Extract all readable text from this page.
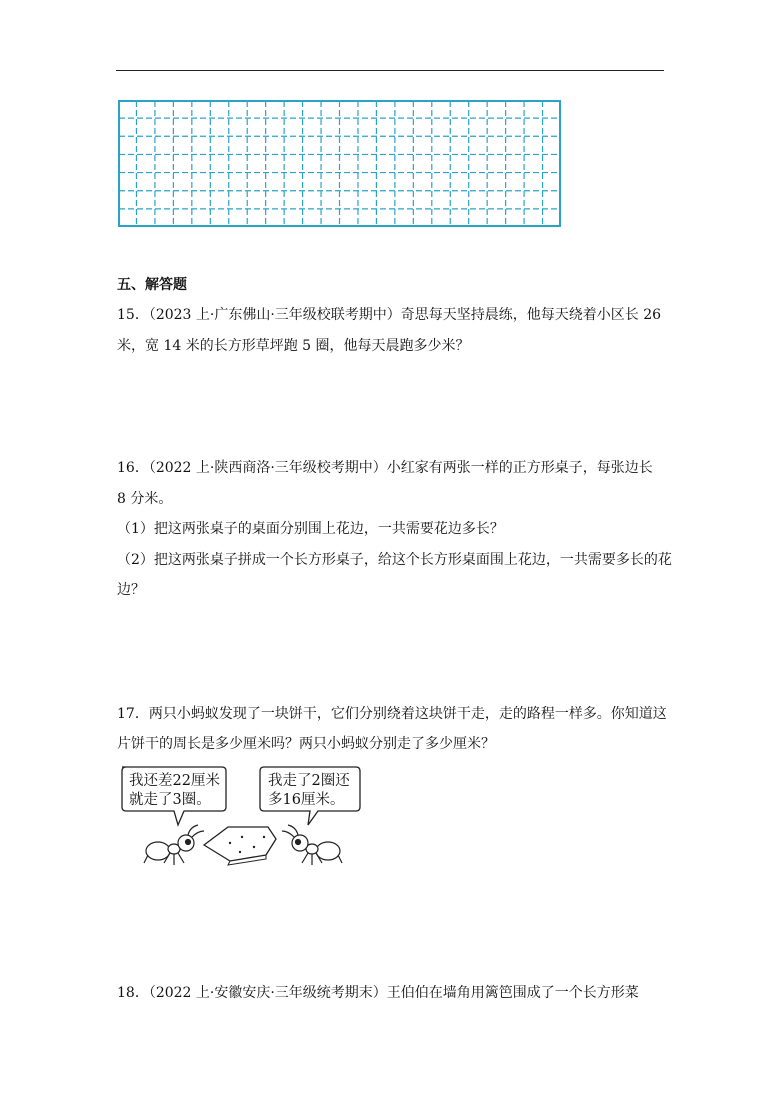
五、解答题
15．（2023 上·广东佛山·三年级校联考期中）奇思每天坚持晨练，他每天绕着小区长 26
米，宽 14 米的长方形草坪跑 5 圈，他每天晨跑多少米？
16．（2022 上·陕西商洛·三年级校考期中）小红家有两张一样的正方形桌子，每张边长
8 分米。
（1）把这两张桌子的桌面分别围上花边，一共需要花边多长？
（2）把这两张桌子拼成一个长方形桌子，给这个长方形桌面围上花边，一共需要多长的花
边？
17．两只小蚂蚁发现了一块饼干，它们分别绕着这块饼干走，走的路程一样多。你知道这
片饼干的周长是多少厘米吗？两只小蚂蚁分别走了多少厘米？
我还差22厘米
就走了3圈。
我走了2圈还
多16厘米。
18．（2022 上·安徽安庆·三年级统考期末）王伯伯在墙角用篱笆围成了一个长方形菜
